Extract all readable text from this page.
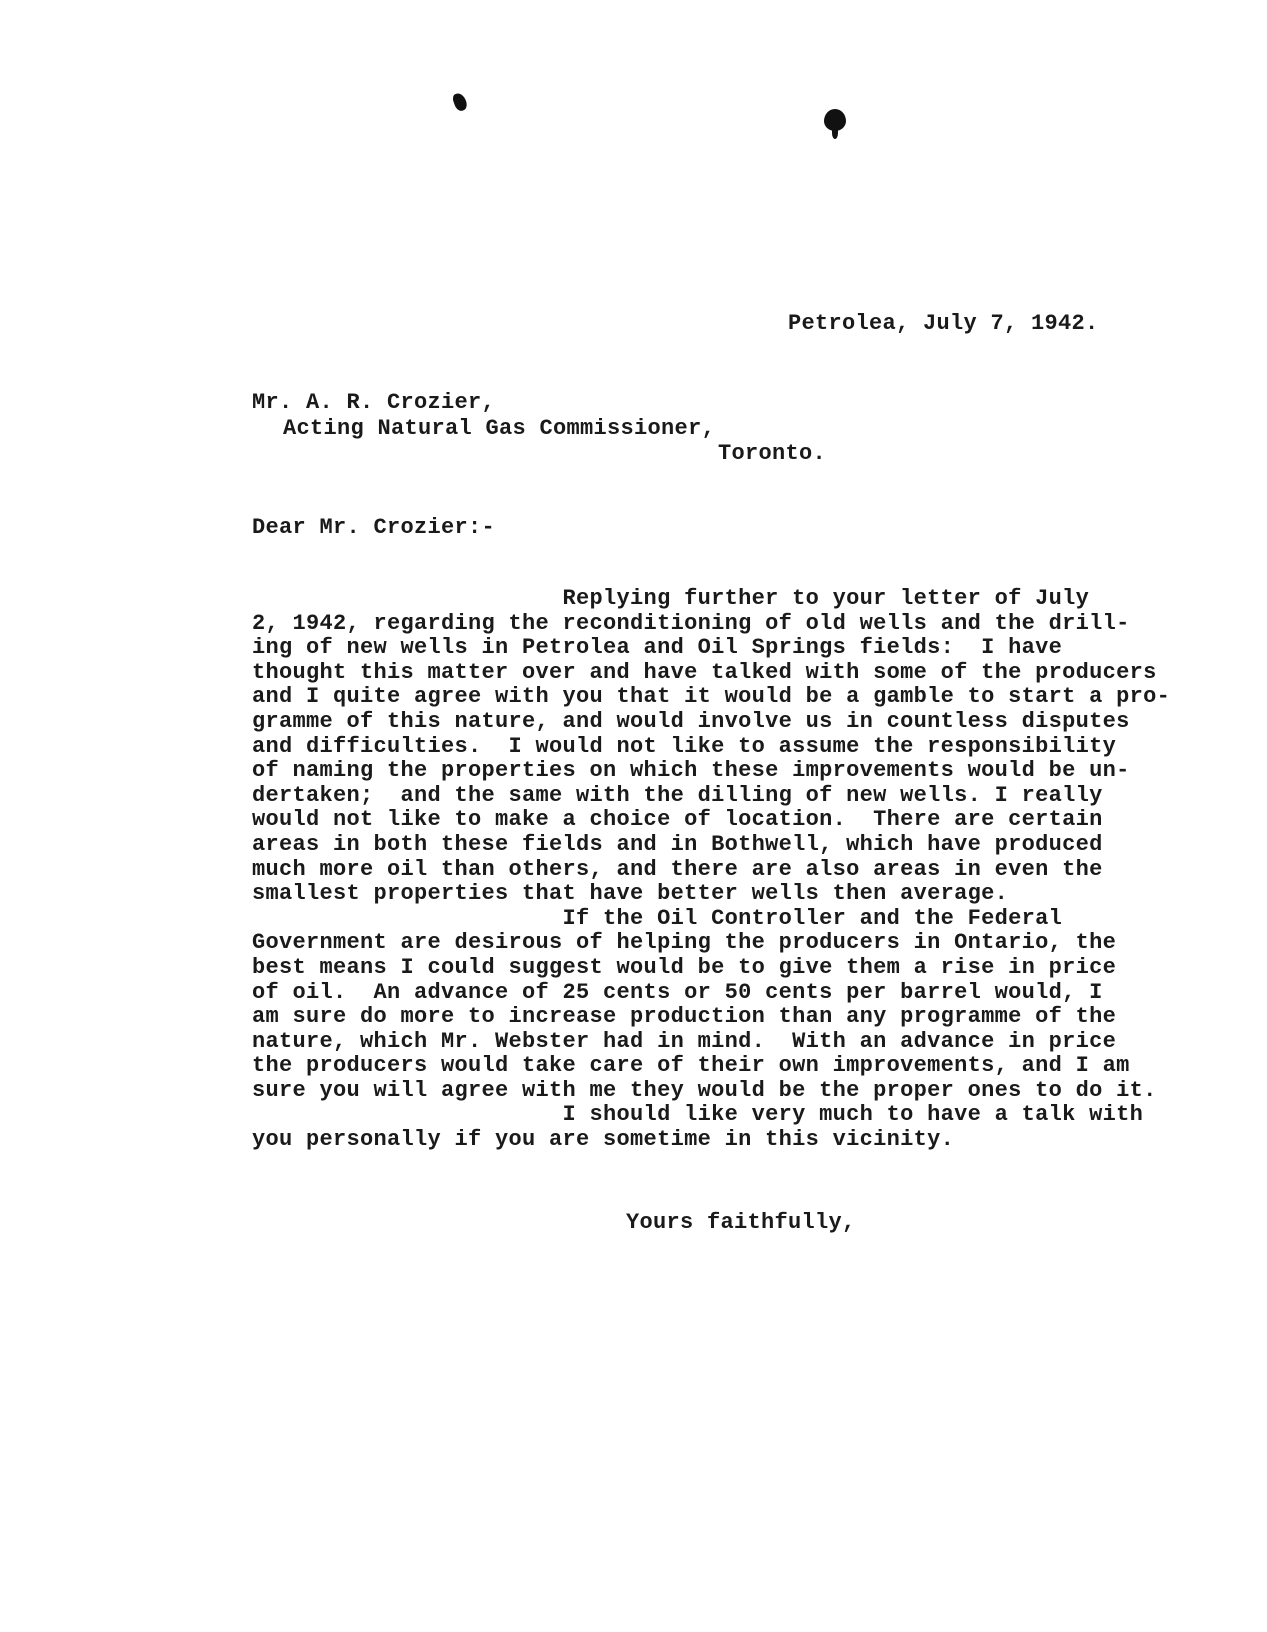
Petrolea, July 7, 1942.
Mr. A. R. Crozier,
Acting Natural Gas Commissioner,
Toronto.
Dear Mr. Crozier:-
Replying further to your letter of July
2, 1942, regarding the reconditioning of old wells and the drill-
ing of new wells in Petrolea and Oil Springs fields:  I have
thought this matter over and have talked with some of the producers
and I quite agree with you that it would be a gamble to start a pro-
gramme of this nature, and would involve us in countless disputes
and difficulties.  I would not like to assume the responsibility
of naming the properties on which these improvements would be un-
dertaken;  and the same with the dilling of new wells. I really
would not like to make a choice of location.  There are certain
areas in both these fields and in Bothwell, which have produced
much more oil than others, and there are also areas in even the
smallest properties that have better wells then average.
If the Oil Controller and the Federal
Government are desirous of helping the producers in Ontario, the
best means I could suggest would be to give them a rise in price
of oil.  An advance of 25 cents or 50 cents per barrel would, I
am sure do more to increase production than any programme of the
nature, which Mr. Webster had in mind.  With an advance in price
the producers would take care of their own improvements, and I am
sure you will agree with me they would be the proper ones to do it.
I should like very much to have a talk with
you personally if you are sometime in this vicinity.
Yours faithfully,
